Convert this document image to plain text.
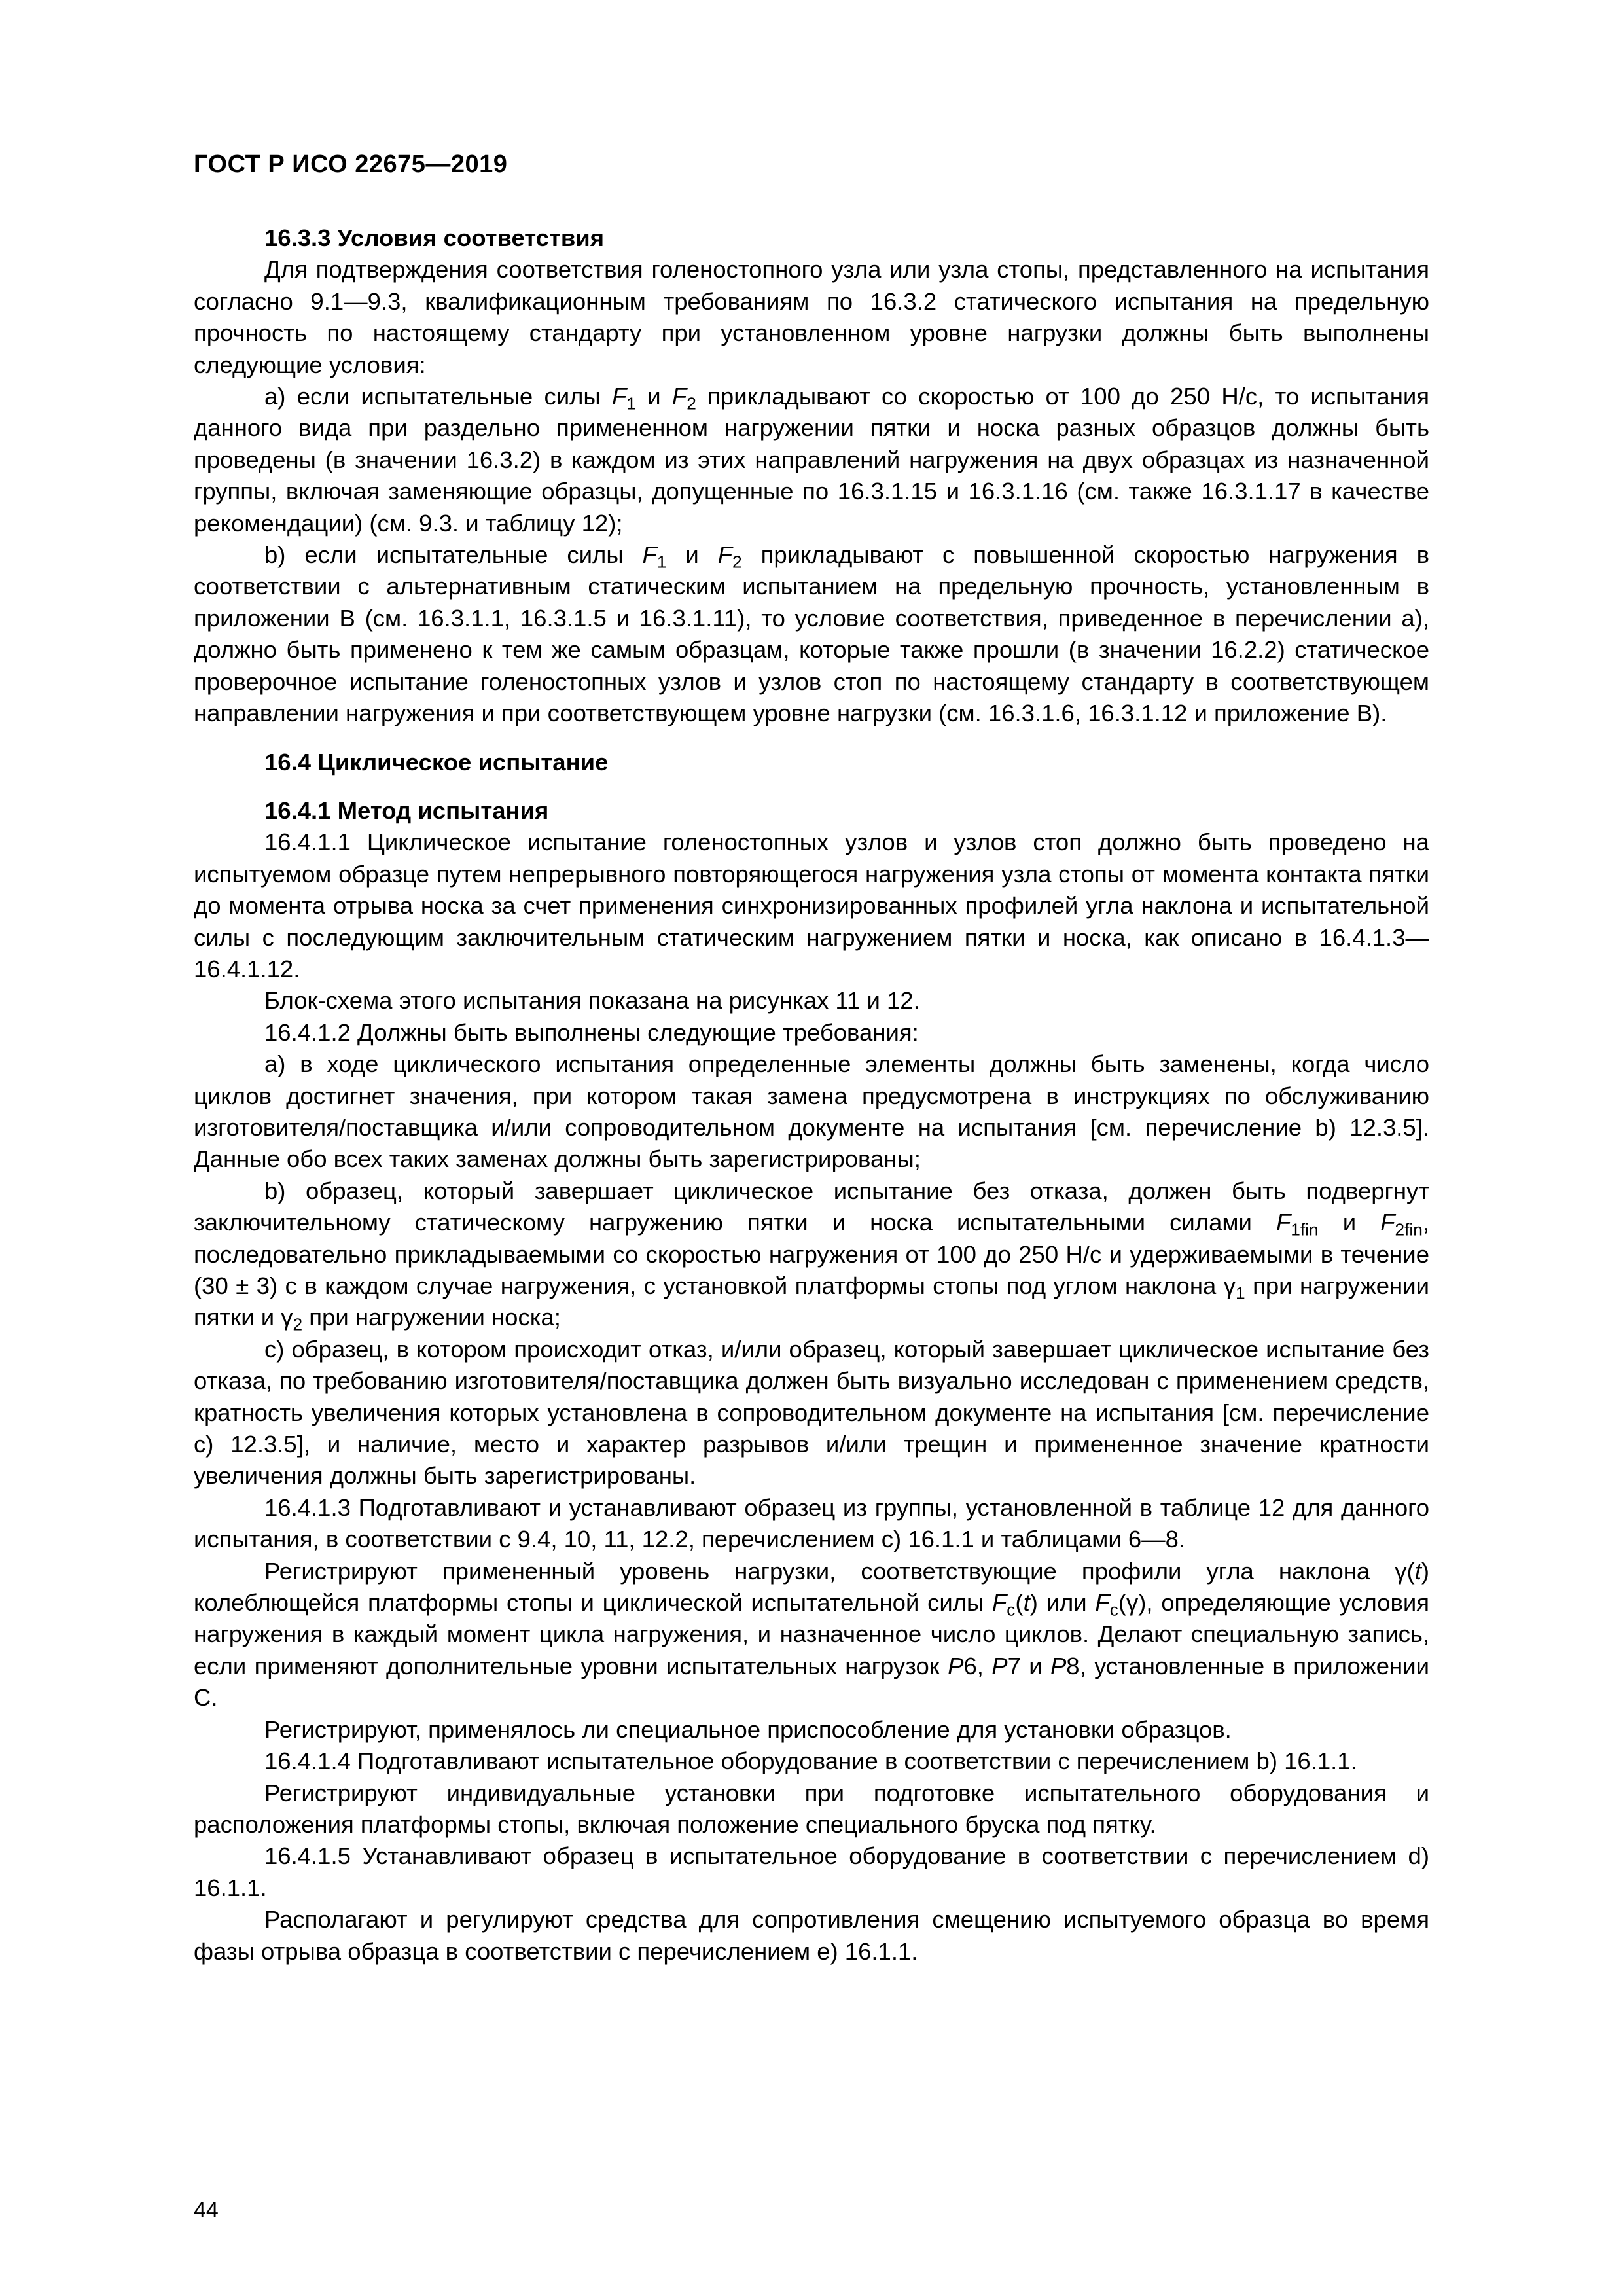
ГОСТ Р ИСО 22675—2019

16.3.3 Условия соответствия

Для подтверждения соответствия голеностопного узла или узла стопы, представленного на испытания согласно 9.1—9.3, квалификационным требованиям по 16.3.2 статического испытания на предельную прочность по настоящему стандарту при установленном уровне нагрузки должны быть выполнены следующие условия:

a) если испытательные силы $F_1$ и $F_2$ прикладывают со скоростью от 100 до 250 Н/с, то испытания данного вида при раздельно примененном нагружении пятки и носка разных образцов должны быть проведены (в значении 16.3.2) в каждом из этих направлений нагружения на двух образцах из назначенной группы, включая заменяющие образцы, допущенные по 16.3.1.15 и 16.3.1.16 (см. также 16.3.1.17 в качестве рекомендации) (см. 9.3. и таблицу 12);

b) если испытательные силы $F_1$ и $F_2$ прикладывают с повышенной скоростью нагружения в соответствии с альтернативным статическим испытанием на предельную прочность, установленным в приложении B (см. 16.3.1.1, 16.3.1.5 и 16.3.1.11), то условие соответствия, приведенное в перечислении a), должно быть применено к тем же самым образцам, которые также прошли (в значении 16.2.2) статическое проверочное испытание голеностопных узлов и узлов стоп по настоящему стандарту в соответствующем направлении нагружения и при соответствующем уровне нагрузки (см. 16.3.1.6, 16.3.1.12 и приложение B).

16.4 Циклическое испытание

16.4.1 Метод испытания

16.4.1.1 Циклическое испытание голеностопных узлов и узлов стоп должно быть проведено на испытуемом образце путем непрерывного повторяющегося нагружения узла стопы от момента контакта пятки до момента отрыва носка за счет применения синхронизированных профилей угла наклона и испытательной силы с последующим заключительным статическим нагружением пятки и носка, как описано в 16.4.1.3—16.4.1.12.

Блок-схема этого испытания показана на рисунках 11 и 12.

16.4.1.2 Должны быть выполнены следующие требования:

a) в ходе циклического испытания определенные элементы должны быть заменены, когда число циклов достигнет значения, при котором такая замена предусмотрена в инструкциях по обслуживанию изготовителя/поставщика и/или сопроводительном документе на испытания [см. перечисление b) 12.3.5]. Данные обо всех таких заменах должны быть зарегистрированы;

b) образец, который завершает циклическое испытание без отказа, должен быть подвергнут заключительному статическому нагружению пятки и носка испытательными силами $F_{1fin}$ и $F_{2fin}$, последовательно прикладываемыми со скоростью нагружения от 100 до 250 Н/с и удерживаемыми в течение (30 ± 3) с в каждом случае нагружения, с установкой платформы стопы под углом наклона $\gamma_1$ при нагружении пятки и $\gamma_2$ при нагружении носка;

c) образец, в котором происходит отказ, и/или образец, который завершает циклическое испытание без отказа, по требованию изготовителя/поставщика должен быть визуально исследован с применением средств, кратность увеличения которых установлена в сопроводительном документе на испытания [см. перечисление c) 12.3.5], и наличие, место и характер разрывов и/или трещин и примененное значение кратности увеличения должны быть зарегистрированы.

16.4.1.3 Подготавливают и устанавливают образец из группы, установленной в таблице 12 для данного испытания, в соответствии с 9.4, 10, 11, 12.2, перечислением c) 16.1.1 и таблицами 6—8.

Регистрируют примененный уровень нагрузки, соответствующие профили угла наклона γ(t) колеблющейся платформы стопы и циклической испытательной силы $F_c(t)$ или $F_c(\gamma)$, определяющие условия нагружения в каждый момент цикла нагружения, и назначенное число циклов. Делают специальную запись, если применяют дополнительные уровни испытательных нагрузок P6, P7 и P8, установленные в приложении C.

Регистрируют, применялось ли специальное приспособление для установки образцов.

16.4.1.4 Подготавливают испытательное оборудование в соответствии с перечислением b) 16.1.1.

Регистрируют индивидуальные установки при подготовке испытательного оборудования и расположения платформы стопы, включая положение специального бруска под пятку.

16.4.1.5 Устанавливают образец в испытательное оборудование в соответствии с перечислением d) 16.1.1.

Располагают и регулируют средства для сопротивления смещению испытуемого образца во время фазы отрыва образца в соответствии с перечислением e) 16.1.1.

44
